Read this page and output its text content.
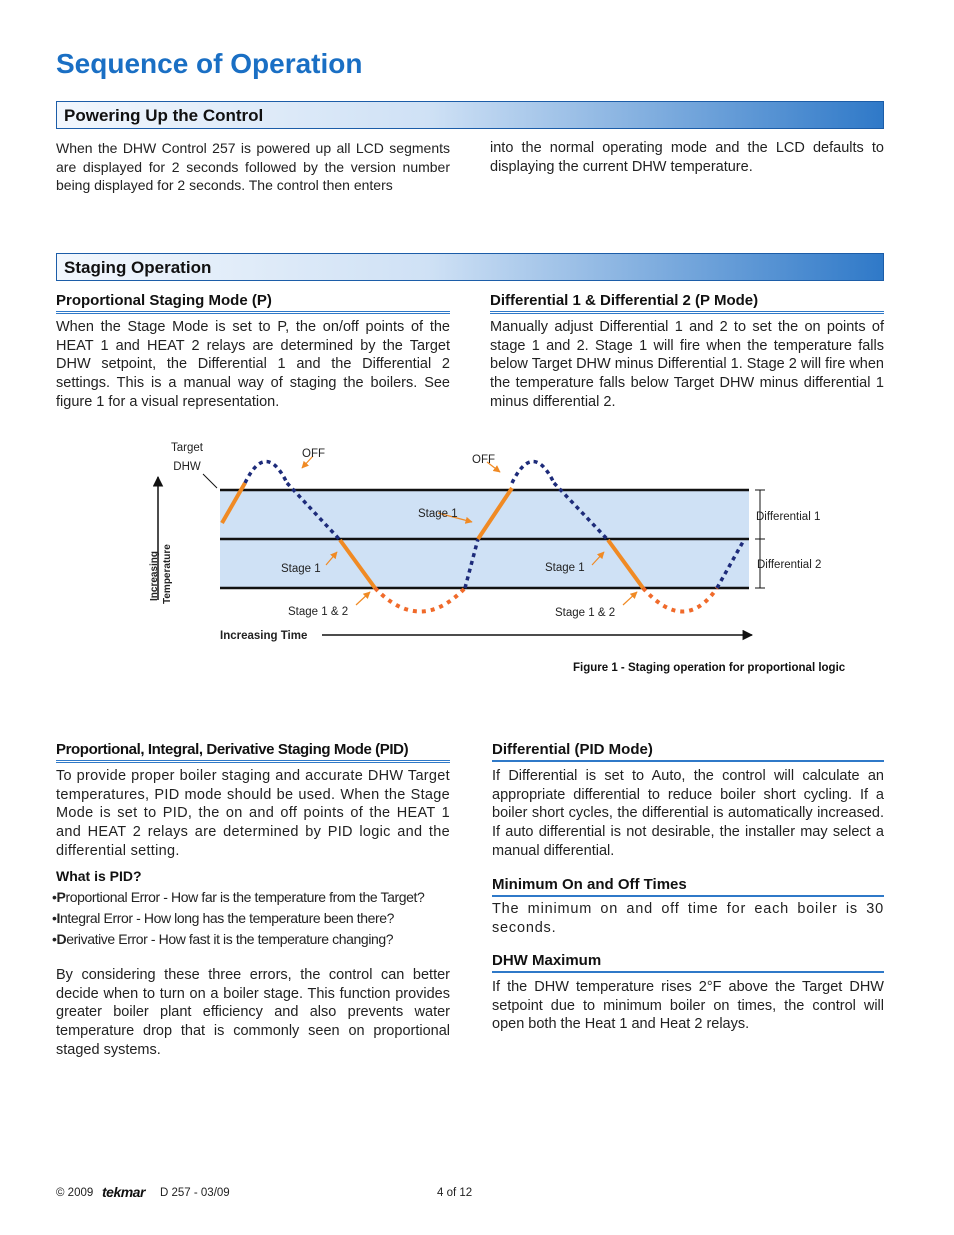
Sequence of Operation
Powering Up the Control

When the DHW Control 257 is powered up all LCD segments are displayed for 2 seconds followed by the version number being displayed for 2 seconds. The control then enters

into the normal operating mode and the LCD defaults to displaying the current DHW temperature.

Staging Operation
Proportional Staging Mode (P)

When the Stage Mode is set to P, the on/off points of the HEAT 1 and HEAT 2 relays are determined by the Target DHW setpoint, the Differential 1 and the Differential 2 settings. This is a manual way of staging the boilers. See figure 1 for a visual representation.

Differential 1 & Differential 2 (P Mode)

Manually adjust Differential 1 and 2 to set the on points of stage 1 and 2. Stage 1 will fire when the temperature falls below Target DHW minus Differential 1. Stage 2 will fire when the temperature falls below Target DHW minus differential 1 minus differential 2.

Target
DHW
OFF	OFF
Stage 1
Stage 1	Stage 1
Stage 1 & 2	Stage 1 & 2
Differential 1
Differential 2
Increasing Time
Increasing Temperature
Figure 1 - Staging operation for proportional logic
Proportional, Integral, Derivative Staging Mode (PID)

To provide proper boiler staging and accurate DHW Target temperatures, PID mode should be used. When the Stage Mode is set to PID, the on and off points of the HEAT 1 and HEAT 2 relays are determined by PID logic and the differential setting.

What is PID?

•Proportional Error - How far is the temperature from the Target?

•Integral Error - How long has the temperature been there?

•Derivative Error - How fast it is the temperature changing?

By considering these three errors, the control can better decide when to turn on a boiler stage. This function provides greater boiler plant efficiency and also prevents water temperature drop that is commonly seen on proportional staged systems.

Differential (PID Mode)

If Differential is set to Auto, the control will calculate an appropriate differential to reduce boiler short cycling. If a boiler short cycles, the differential is automatically increased. If auto differential is not desirable, the installer may select a manual differential.

Minimum On and Off Times

The minimum on and off time for each boiler is 30 seconds.

DHW Maximum

If the DHW temperature rises 2°F above the Target DHW setpoint due to minimum boiler on times, the control will open both the Heat 1 and Heat 2 relays.

© 2009 tekmar D 257 - 03/09	4 of 12
